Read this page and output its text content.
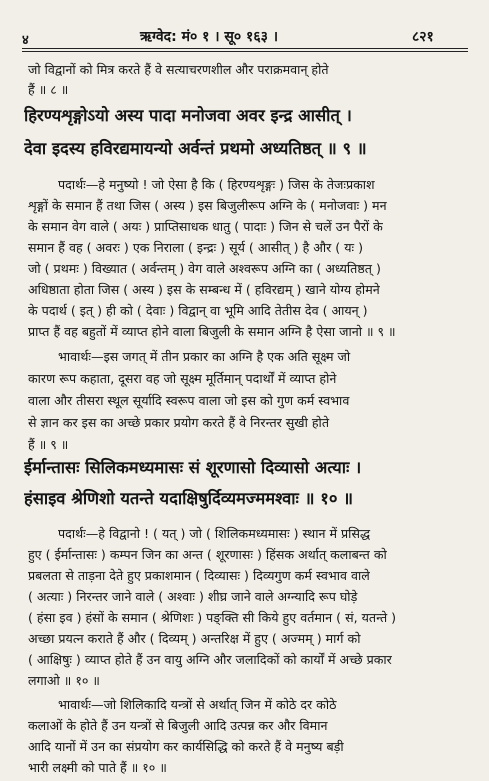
४	ऋग्वेद: मं० १ । सू० १६३ ।	८२१
जो विद्वानों को मित्र करते हैं वे सत्याचरणशील और पराक्रमवान् होते
हैं ॥ ८ ॥
हिरण्यशृङ्गोऽयो अस्य पादा मनोजवा अवर इन्द्र आसीत् ।
देवा इदस्य हविरद्यमायन्यो अर्वन्तं प्रथमो अध्यतिष्ठत् ॥ ९ ॥
पदार्थः—हे मनुष्यो ! जो ऐसा है कि ( हिरण्यशृङ्गः ) जिस के तेजःप्रकाश
शृङ्गों के समान हैं तथा जिस ( अस्य ) इस बिजुलीरूप अग्नि के ( मनोजवाः ) मन
के समान वेग वाले ( अयः ) प्राप्तिसाधक धातु ( पादाः ) जिन से चलें उन पैरों के
समान हैं वह ( अवरः ) एक निराला ( इन्द्रः ) सूर्य ( आसीत् ) है और ( यः )
जो ( प्रथमः ) विख्यात ( अर्वन्तम् ) वेग वाले अश्वरूप अग्नि का ( अध्यतिष्ठत् )
अधिष्ठाता होता जिस ( अस्य ) इस के सम्बन्ध में ( हविरद्यम् ) खाने योग्य होमने
के पदार्थ ( इत् ) ही को ( देवाः ) विद्वान् वा भूमि आदि तेतीस देव ( आयन् )
प्राप्त हैं वह बहुतों में व्याप्त होने वाला बिजुली के समान अग्नि है ऐसा जानो ॥ ९ ॥
भावार्थः—इस जगत् में तीन प्रकार का अग्नि है एक अति सूक्ष्म जो
कारण रूप कहाता, दूसरा वह जो सूक्ष्म मूर्तिमान् पदार्थों में व्याप्त होने
वाला और तीसरा स्थूल सूर्यादि स्वरूप वाला जो इस को गुण कर्म स्वभाव
से ज्ञान कर इस का अच्छे प्रकार प्रयोग करते हैं वे निरन्तर सुखी होते
हैं ॥ ९ ॥
ईर्मान्तासः सिलिकमध्यमासः सं शूरणासो दिव्यासो अत्याः ।
हंसाइव श्रेणिशो यतन्ते यदाक्षिषुर्दिव्यमज्ममश्वाः ॥ १० ॥
पदार्थः—हे विद्वानो ! ( यत् ) जो ( शिलिकमध्यमासः ) स्थान में प्रसिद्ध
हुए ( ईर्मान्तासः ) कम्पन जिन का अन्त ( शूरणासः ) हिंसक अर्थात् कलाबन्त को
प्रबलता से ताड़ना देते हुए प्रकाशमान ( दिव्यासः ) दिव्यगुण कर्म स्वभाव वाले
( अत्याः ) निरन्तर जाने वाले ( अश्वाः ) शीघ्र जाने वाले अग्न्यादि रूप घोड़े
( हंसा इव ) हंसों के समान ( श्रेणिशः ) पङ्क्ति सी किये हुए वर्तमान ( सं, यतन्ते )
अच्छा प्रयत्न कराते हैं और ( दिव्यम् ) अन्तरिक्ष में हुए ( अज्मम् ) मार्ग को
( आक्षिषुः ) व्याप्त होते हैं उन वायु अग्नि और जलादिकों को कार्यों में अच्छे प्रकार
लगाओ ॥ १० ॥
भावार्थः—जो शिलिकादि यन्त्रों से अर्थात् जिन में कोठे दर कोठे
कलाओं के होते हैं उन यन्त्रों से बिजुली आदि उत्पन्न कर और विमान
आदि यानों में उन का संप्रयोग कर कार्यसिद्धि को करते हैं वे मनुष्य बड़ी
भारी लक्ष्मी को पाते हैं ॥ १० ॥
